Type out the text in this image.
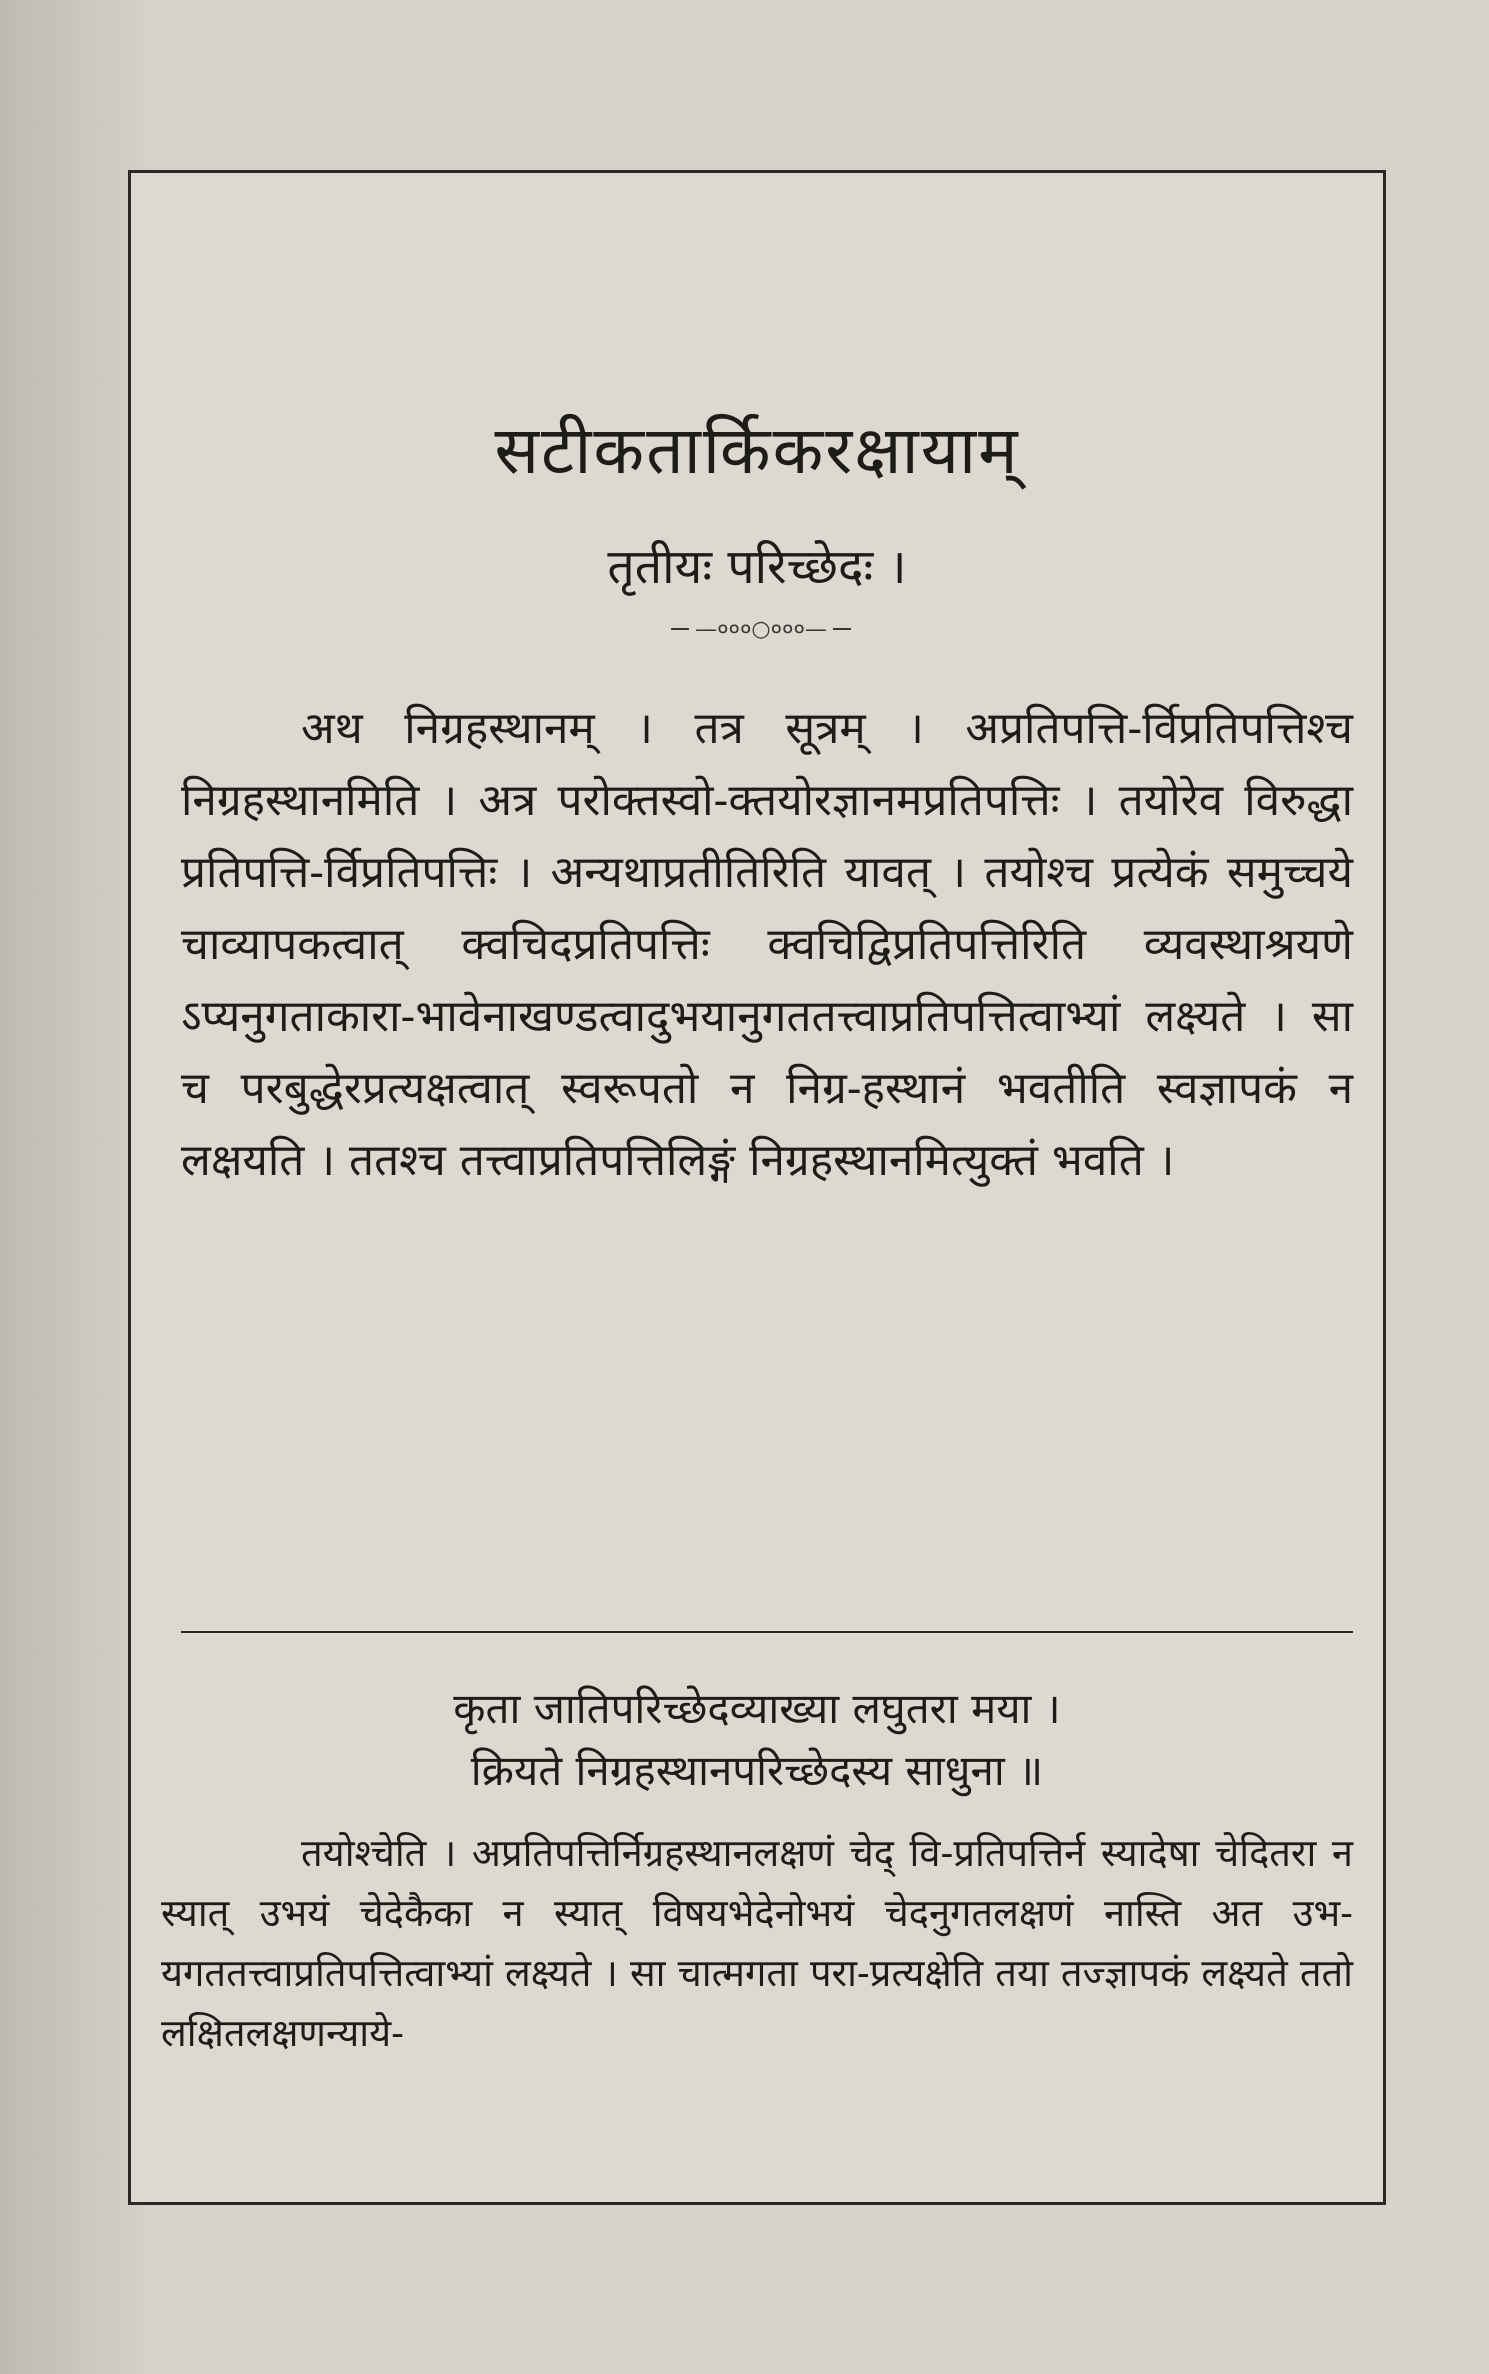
सटीकतार्किकरक्षायाम्
तृतीयः परिच्छेदः ।
—०००○०००—
अथ निग्रहस्थानम् । तत्र सूत्रम् । अप्रतिपत्ति-र्विप्रतिपत्तिश्च निग्रहस्थानमिति । अत्र परोक्तस्वो-क्तयोरज्ञानमप्रतिपत्तिः । तयोरेव विरुद्धा प्रतिपत्ति-र्विप्रतिपत्तिः । अन्यथाप्रतीतिरिति यावत् । तयोश्च प्रत्येकं समुच्चये चाव्यापकत्वात् क्वचिदप्रतिपत्तिः क्वचिद्विप्रतिपत्तिरिति व्यवस्थाश्रयणे ऽप्यनुगताकारा-भावेनाखण्डत्वादुभयानुगततत्त्वाप्रतिपत्तित्वाभ्यां लक्ष्यते । सा च परबुद्धेरप्रत्यक्षत्वात् स्वरूपतो न निग्र-हस्थानं भवतीति स्वज्ञापकं न लक्षयति । ततश्च तत्त्वाप्रतिपत्तिलिङ्गं निग्रहस्थानमित्युक्तं भवति ।
कृता जातिपरिच्छेदव्याख्या लघुतरा मया ।
क्रियते निग्रहस्थानपरिच्छेदस्य साधुना ॥
तयोश्चेति । अप्रतिपत्तिर्निग्रहस्थानलक्षणं चेद् वि-प्रतिपत्तिर्न स्यादेषा चेदितरा न स्यात् उभयं चेदेकैका न स्यात् विषयभेदेनोभयं चेदनुगतलक्षणं नास्ति अत उभ-यगततत्त्वाप्रतिपत्तित्वाभ्यां लक्ष्यते । सा चात्मगता परा-प्रत्यक्षेति तया तज्ज्ञापकं लक्ष्यते ततो लक्षितलक्षणन्याये-
